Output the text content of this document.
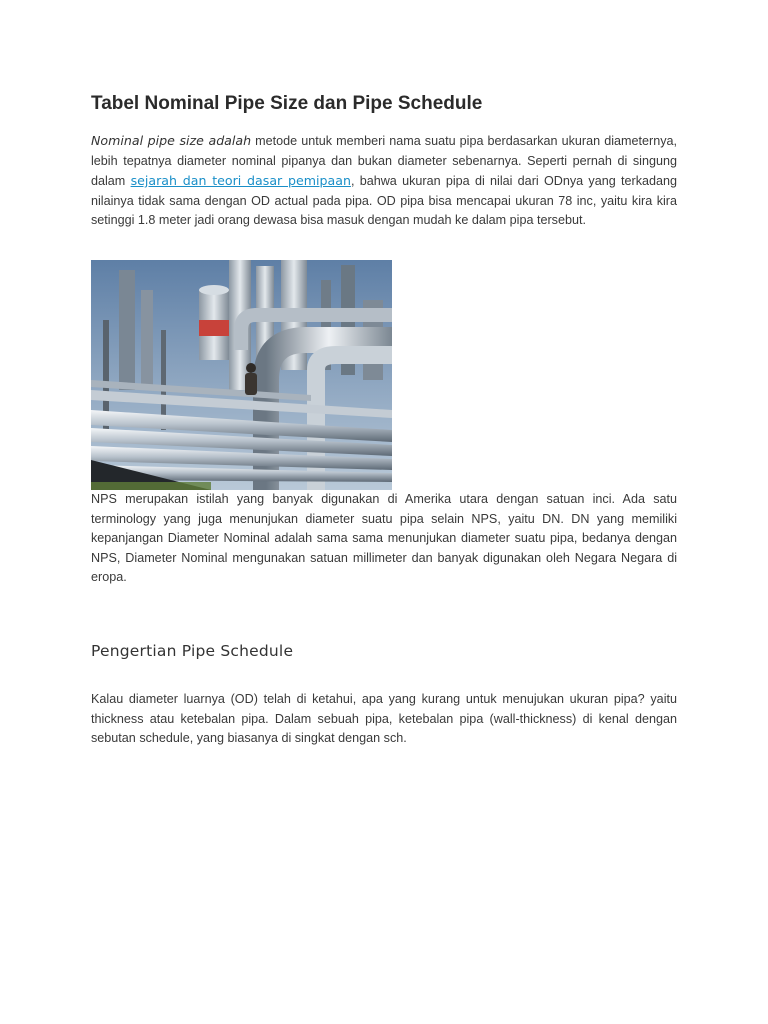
Tabel Nominal Pipe Size dan Pipe Schedule

Nominal pipe size adalah metode untuk memberi nama suatu pipa berdasarkan ukuran diameternya, lebih tepatnya diameter nominal pipanya dan bukan diameter sebenarnya. Seperti pernah di singung dalam sejarah dan teori dasar pemipaan, bahwa ukuran pipa di nilai dari ODnya yang terkadang nilainya tidak sama dengan OD actual pada pipa. OD pipa bisa mencapai ukuran 78 inc, yaitu kira kira setinggi 1.8 meter jadi orang dewasa bisa masuk dengan mudah ke dalam pipa tersebut.

NPS merupakan istilah yang banyak digunakan di Amerika utara dengan satuan inci. Ada satu terminology yang juga menunjukan diameter suatu pipa selain NPS, yaitu DN. DN yang memiliki kepanjangan Diameter Nominal adalah sama sama menunjukan diameter suatu pipa, bedanya dengan NPS, Diameter Nominal mengunakan satuan millimeter dan banyak digunakan oleh Negara Negara di eropa.

Pengertian Pipe Schedule

Kalau diameter luarnya (OD) telah di ketahui, apa yang kurang untuk menujukan ukuran pipa? yaitu thickness atau ketebalan pipa. Dalam sebuah pipa, ketebalan pipa (wall-thickness) di kenal dengan sebutan schedule, yang biasanya di singkat dengan sch.
